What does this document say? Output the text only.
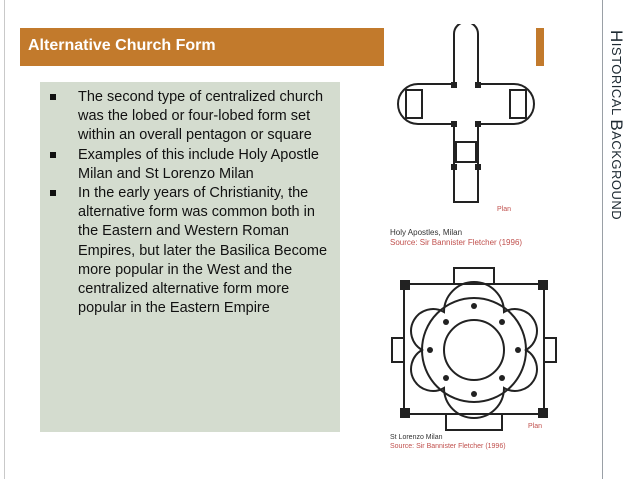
Alternative Church Form
The second type of centralized church was the lobed or four-lobed form set within an overall pentagon or square
Examples of this include Holy Apostle Milan and St Lorenzo Milan
In the early years of Christianity, the alternative form was common both in the Eastern and Western Roman Empires, but later the Basilica Become more popular in the West and the centralized alternative form more popular in the Eastern Empire
Plan
Holy Apostles, Milan
Source: Sir Bannister Fletcher (1996)
Plan
St Lorenzo Milan
Source: Sir Bannister Fletcher (1996)
HISTORICAL BACKGROUND
